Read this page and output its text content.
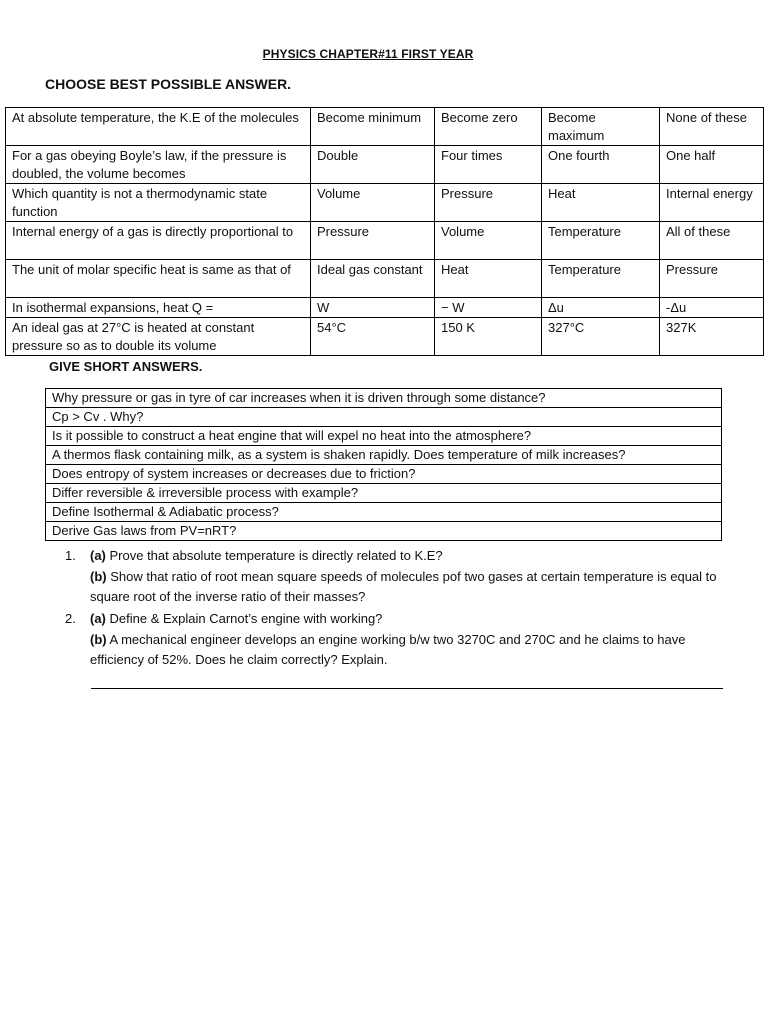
PHYSICS CHAPTER#11 FIRST YEAR
CHOOSE BEST POSSIBLE ANSWER.
At absolute temperature, the K.E of the molecules	Become minimum	Become zero	Become maximum	None of these
For a gas obeying Boyle’s law, if the pressure is doubled, the volume becomes	Double	Four times	One fourth	One half
Which quantity is not a thermodynamic state function	Volume	Pressure	Heat	Internal energy
Internal energy of a gas is directly proportional to	Pressure	Volume	Temperature	All of these
The unit of molar specific heat is same as that of	Ideal gas constant	Heat	Temperature	Pressure
In isothermal expansions, heat Q =	W	− W	Δu	-Δu
An ideal gas at 27°C is heated at constant pressure so as to double its volume	54°C	150 K	327°C	327K
GIVE SHORT ANSWERS.
Why pressure or gas in tyre of car increases when it is driven through some distance?
Cp > Cv . Why?
Is it possible to construct a heat engine that will expel no heat into the atmosphere?
A thermos flask containing milk, as a system is shaken rapidly. Does temperature of milk increases?
Does entropy of system increases or decreases due to friction?
Differ reversible & irreversible process with example?
Define Isothermal & Adiabatic process?
Derive Gas laws from PV=nRT?
1. (a) Prove that absolute temperature is directly related to K.E?
(b) Show that ratio of root mean square speeds of molecules pof two gases at certain temperature is equal to square root of the inverse ratio of their masses?
2. (a) Define & Explain Carnot’s engine with working?
(b) A mechanical engineer develops an engine working b/w two 3270C and 270C and he claims to have efficiency of 52%. Does he claim correctly? Explain.
